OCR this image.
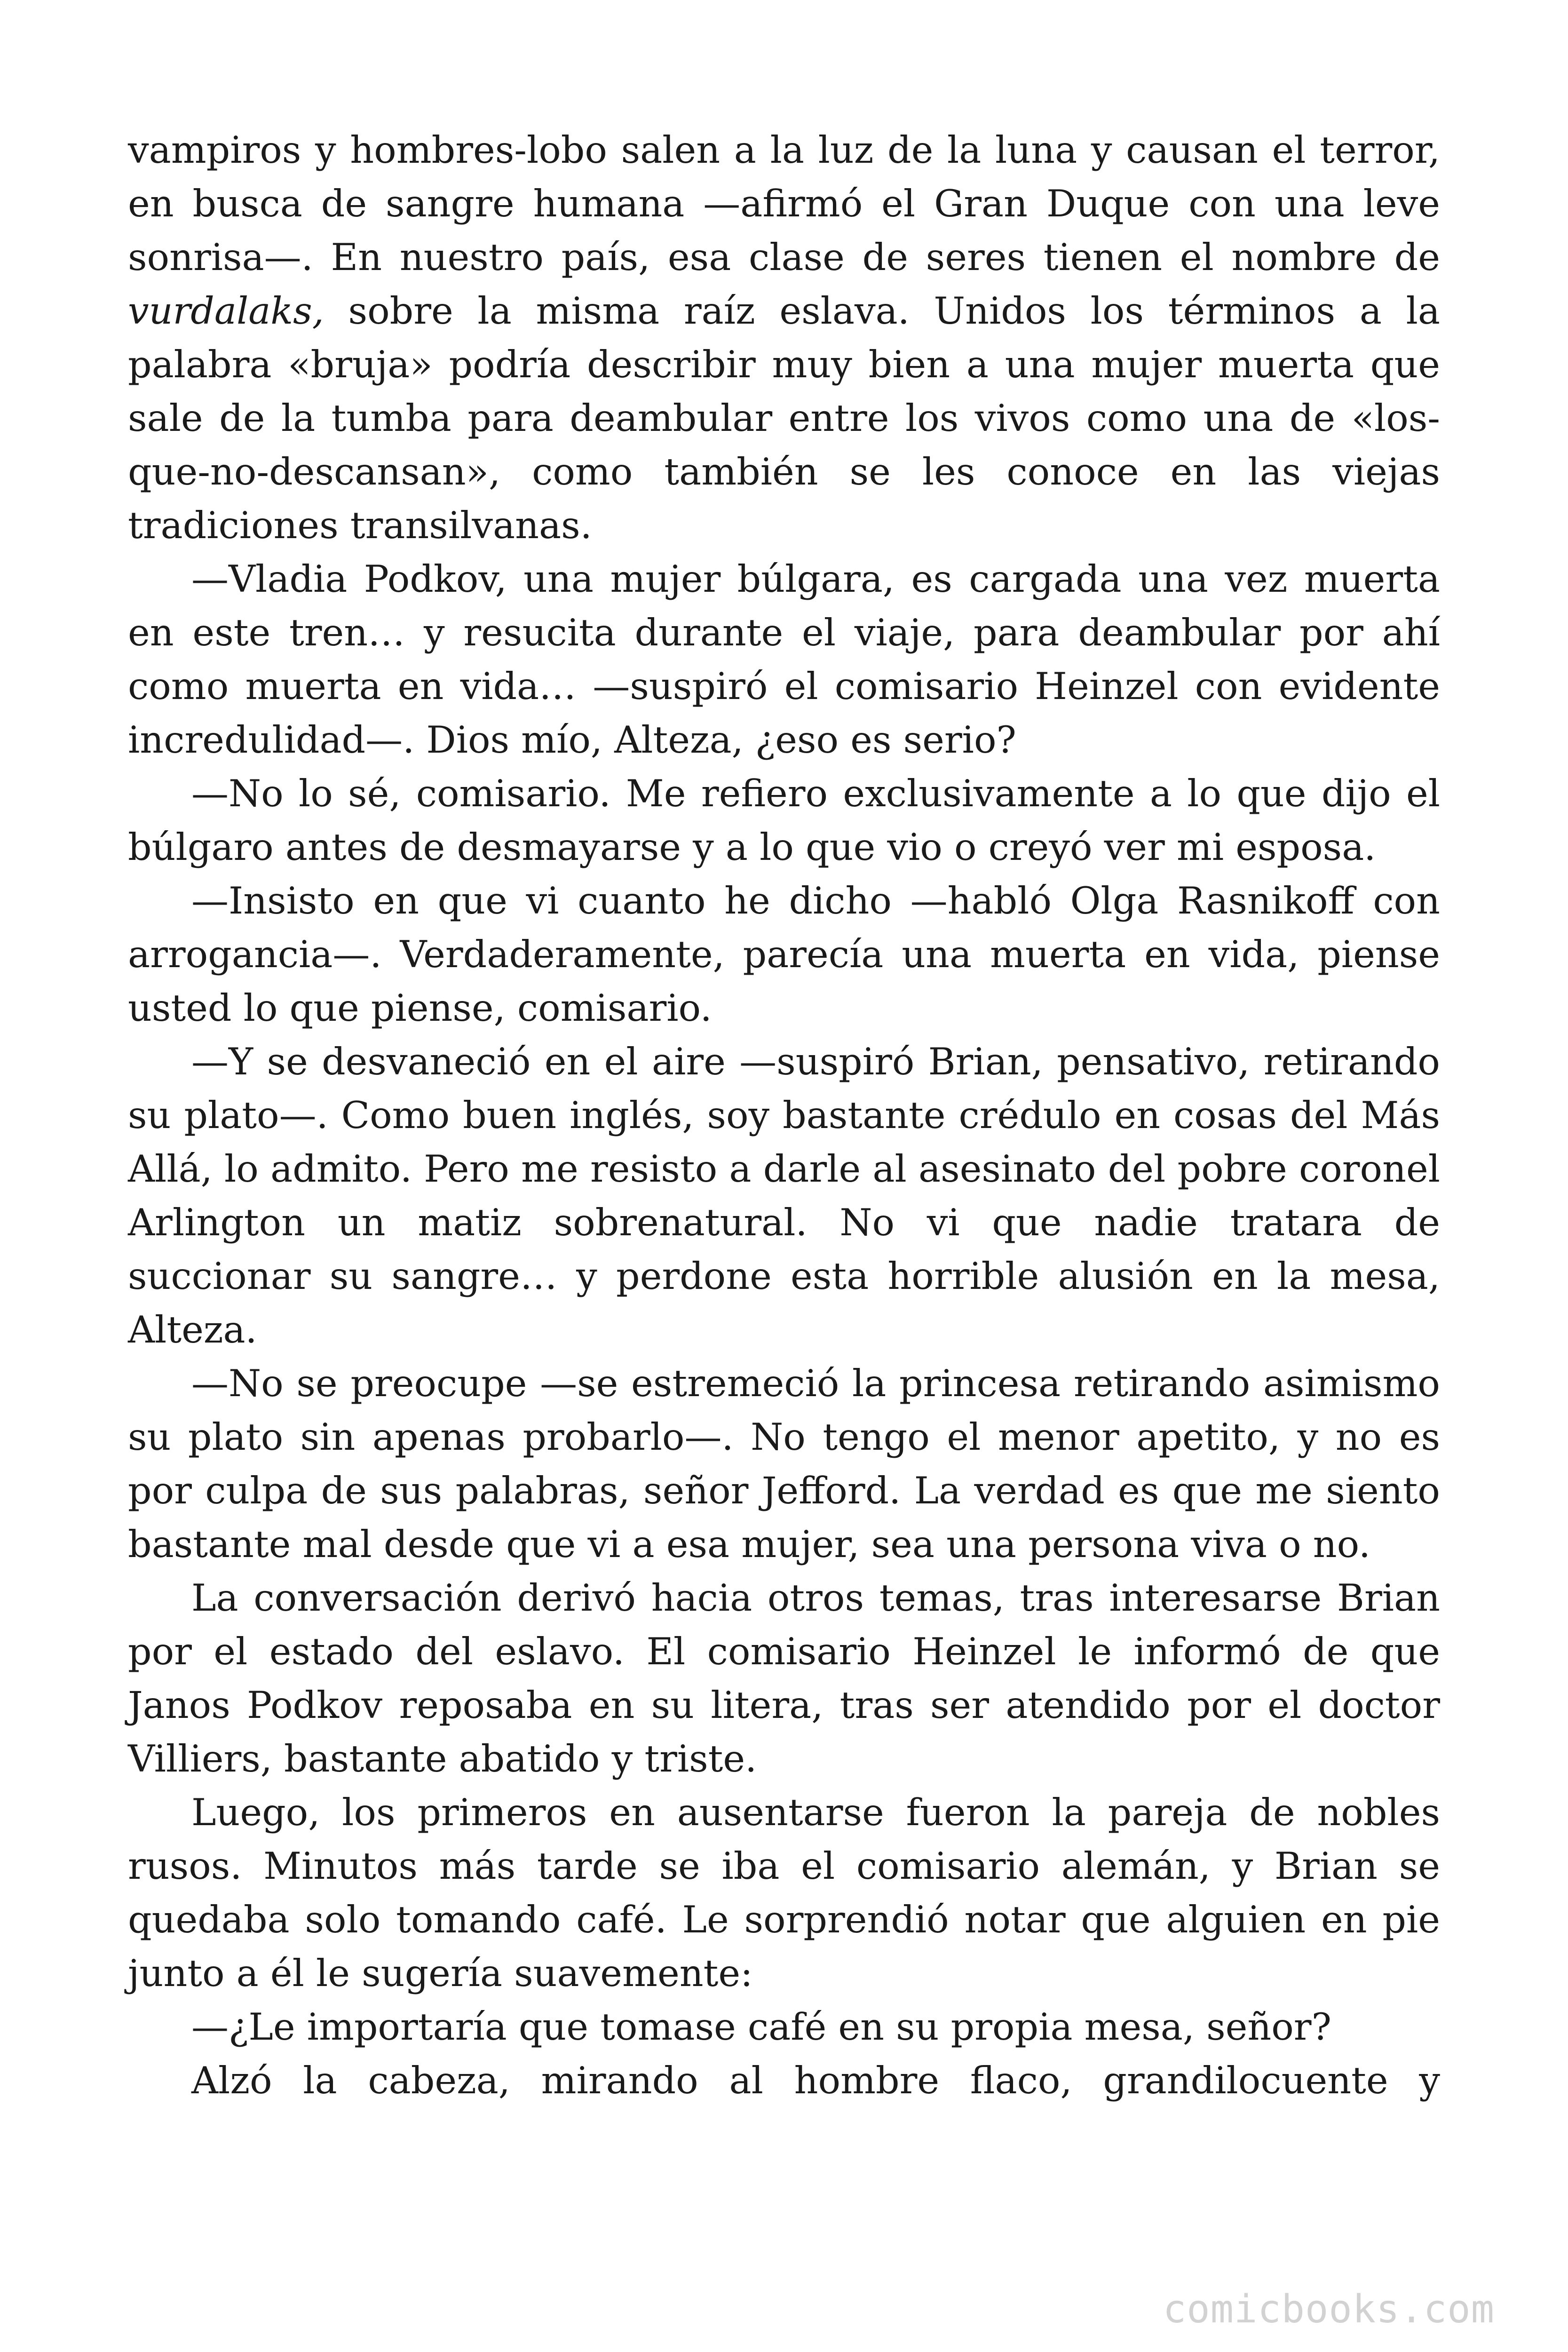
vampiros y hombres-lobo salen a la luz de la luna y causan el terror, en busca de sangre humana —afirmó el Gran Duque con una leve sonrisa—. En nuestro país, esa clase de seres tienen el nombre de vurdalaks, sobre la misma raíz eslava. Unidos los términos a la palabra «bruja» podría describir muy bien a una mujer muerta que sale de la tumba para deambular entre los vivos como una de «los-que-no-descansan», como también se les conoce en las viejas tradiciones transilvanas.

—Vladia Podkov, una mujer búlgara, es cargada una vez muerta en este tren… y resucita durante el viaje, para deambular por ahí como muerta en vida… —suspiró el comisario Heinzel con evidente incredulidad—. Dios mío, Alteza, ¿eso es serio?

—No lo sé, comisario. Me refiero exclusivamente a lo que dijo el búlgaro antes de desmayarse y a lo que vio o creyó ver mi esposa.

—Insisto en que vi cuanto he dicho —habló Olga Rasnikoff con arrogancia—. Verdaderamente, parecía una muerta en vida, piense usted lo que piense, comisario.

—Y se desvaneció en el aire —suspiró Brian, pensativo, retirando su plato—. Como buen inglés, soy bastante crédulo en cosas del Más Allá, lo admito. Pero me resisto a darle al asesinato del pobre coronel Arlington un matiz sobrenatural. No vi que nadie tratara de succionar su sangre… y perdone esta horrible alusión en la mesa, Alteza.

—No se preocupe —se estremeció la princesa retirando asimismo su plato sin apenas probarlo—. No tengo el menor apetito, y no es por culpa de sus palabras, señor Jefford. La verdad es que me siento bastante mal desde que vi a esa mujer, sea una persona viva o no.

La conversación derivó hacia otros temas, tras interesarse Brian por el estado del eslavo. El comisario Heinzel le informó de que Janos Podkov reposaba en su litera, tras ser atendido por el doctor Villiers, bastante abatido y triste.

Luego, los primeros en ausentarse fueron la pareja de nobles rusos. Minutos más tarde se iba el comisario alemán, y Brian se quedaba solo tomando café. Le sorprendió notar que alguien en pie junto a él le sugería suavemente:

—¿Le importaría que tomase café en su propia mesa, señor?

Alzó la cabeza, mirando al hombre flaco, grandilocuente y

comicbooks.com
